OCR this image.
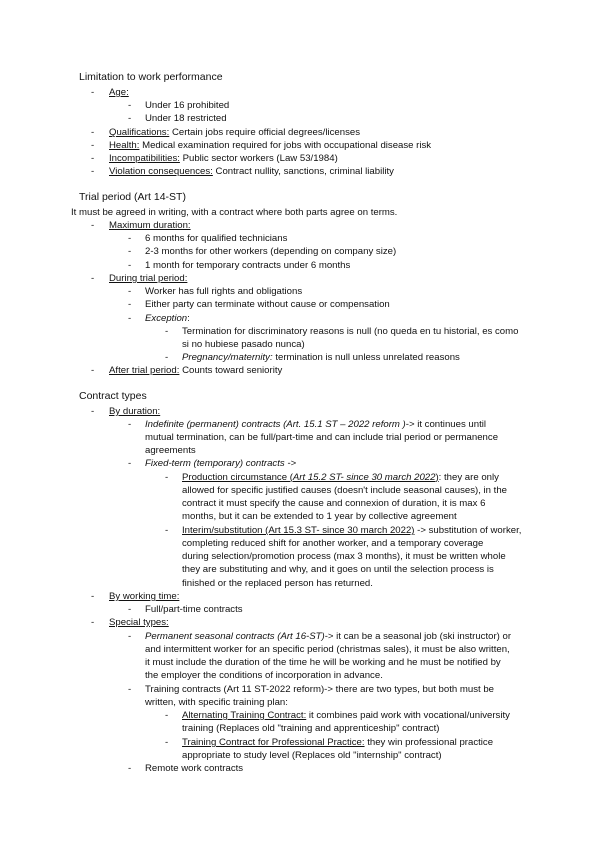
Limitation to work performance
- Age:
- Under 16 prohibited
- Under 18 restricted
- Qualifications: Certain jobs require official degrees/licenses
- Health: Medical examination required for jobs with occupational disease risk
- Incompatibilities: Public sector workers (Law 53/1984)
- Violation consequences: Contract nullity, sanctions, criminal liability
Trial period (Art 14-ST)
It must be agreed in writing, with a contract where both parts agree on terms.
- Maximum duration:
- 6 months for qualified technicians
- 2-3 months for other workers (depending on company size)
- 1 month for temporary contracts under 6 months
- During trial period:
- Worker has full rights and obligations
- Either party can terminate without cause or compensation
- Exception:
- Termination for discriminatory reasons is null (no queda en tu historial, es como
si no hubiese pasado nunca)
- Pregnancy/maternity: termination is null unless unrelated reasons
- After trial period: Counts toward seniority
Contract types
- By duration:
- Indefinite (permanent) contracts (Art. 15.1 ST – 2022 reform )-> it continues until
mutual termination, can be full/part-time and can include trial period or permanence
agreements
- Fixed-term (temporary) contracts ->
- Production circumstance (Art 15.2 ST- since 30 march 2022): they are only
allowed for specific justified causes (doesn't include seasonal causes), in the
contract it must specify the cause and connexion of duration, it is max 6
months, but it can be extended to 1 year by collective agreement
- Interim/substitution (Art 15.3 ST- since 30 march 2022) -> substitution of worker,
completing reduced shift for another worker, and a temporary coverage
during selection/promotion process (max 3 months), it must be written whole
they are substituting and why, and it goes on until the selection process is
finished or the replaced person has returned.
- By working time:
- Full/part-time contracts
- Special types:
- Permanent seasonal contracts (Art 16-ST)-> it can be a seasonal job (ski instructor) or
and intermittent worker for an specific period (christmas sales), it must be also written,
it must include the duration of the time he will be working and he must be notified by
the employer the conditions of incorporation in advance.
- Training contracts (Art 11 ST-2022 reform)-> there are two types, but both must be
written, with specific training plan:
- Alternating Training Contract: it combines paid work with vocational/university
training (Replaces old "training and apprenticeship" contract)
- Training Contract for Professional Practice: they win professional practice
appropriate to study level (Replaces old "internship" contract)
- Remote work contracts
